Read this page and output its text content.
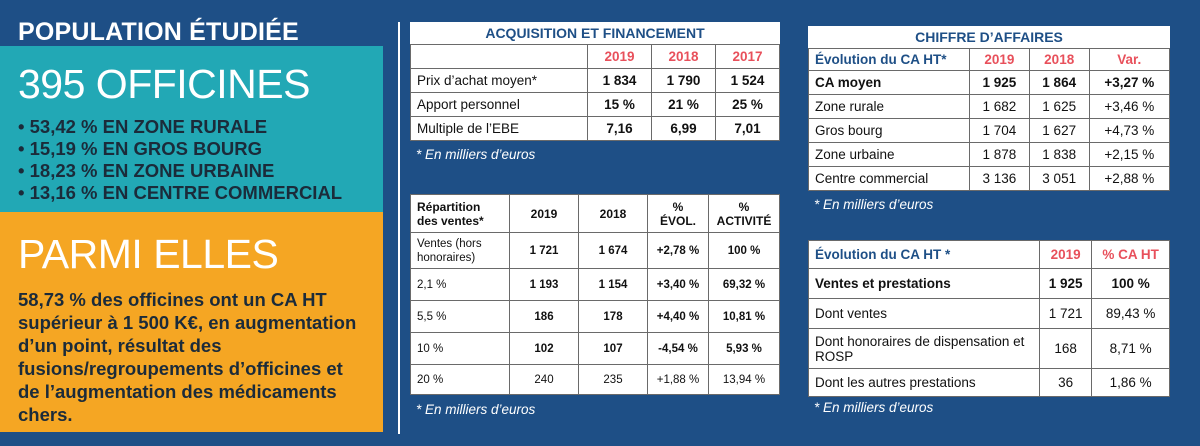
POPULATION ÉTUDIÉE
395 OFFICINES
• 53,42 % EN ZONE RURALE
• 15,19 % EN GROS BOURG
• 18,23 % EN ZONE URBAINE
• 13,16 % EN CENTRE COMMERCIAL
PARMI ELLES
58,73 % des officines ont un CA HT supérieur à 1 500 K€, en augmentation d’un point, résultat des fusions/regroupements d’officines et de l’augmentation des médicaments chers.
ACQUISITION ET FINANCEMENT
	2019	2018	2017
Prix d’achat moyen*	1 834	1 790	1 524
Apport personnel	15 %	21 %	25 %
Multiple de l’EBE	7,16	6,99	7,01
* En milliers d’euros
Répartition des ventes*	2019	2018	% ÉVOL.	% ACTIVITÉ
Ventes (hors honoraires)	1 721	1 674	+2,78 %	100 %
2,1 %	1 193	1 154	+3,40 %	69,32 %
5,5 %	186	178	+4,40 %	10,81 %
10 %	102	107	-4,54 %	5,93 %
20 %	240	235	+1,88 %	13,94 %
* En milliers d’euros
CHIFFRE D’AFFAIRES
Évolution du CA HT*	2019	2018	Var.
CA moyen	1 925	1 864	+3,27 %
Zone rurale	1 682	1 625	+3,46 %
Gros bourg	1 704	1 627	+4,73 %
Zone urbaine	1 878	1 838	+2,15 %
Centre commercial	3 136	3 051	+2,88 %
* En milliers d’euros
Évolution du CA HT *	2019	% CA HT
Ventes et prestations	1 925	100 %
Dont ventes	1 721	89,43 %
Dont honoraires de dispensation et ROSP	168	8,71 %
Dont les autres prestations	36	1,86 %
* En milliers d’euros
